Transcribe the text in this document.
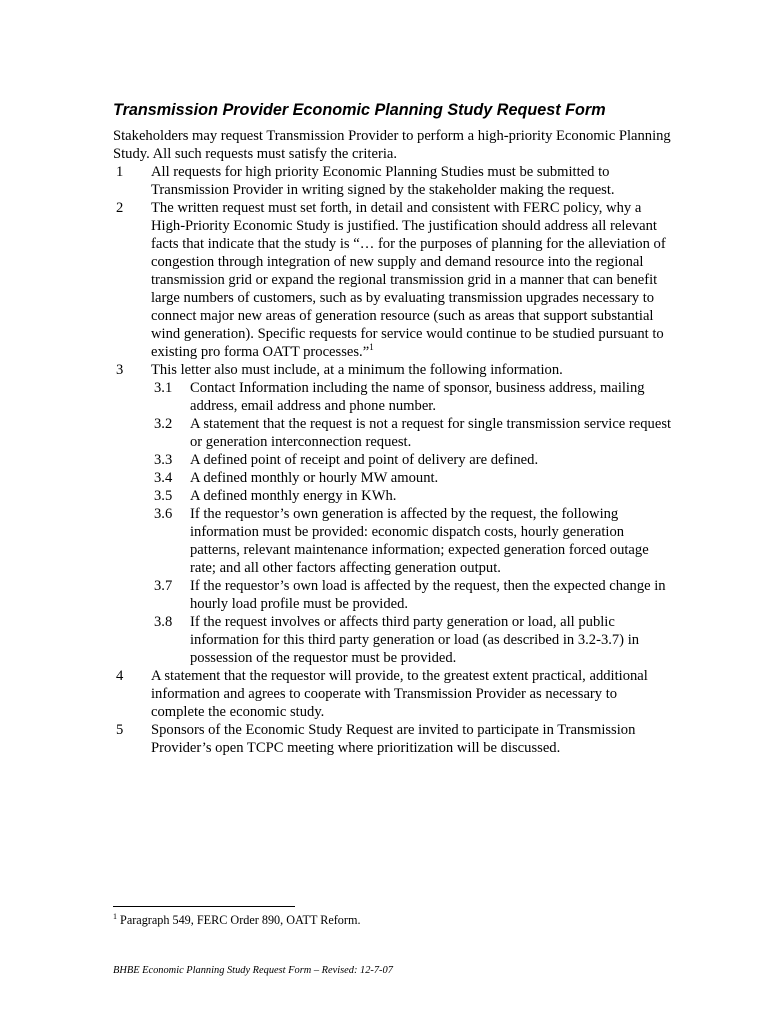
Transmission Provider Economic Planning Study Request Form

Stakeholders may request Transmission Provider to perform a high-priority Economic Planning Study. All such requests must satisfy the criteria.

1 All requests for high priority Economic Planning Studies must be submitted to Transmission Provider in writing signed by the stakeholder making the request.
2 The written request must set forth, in detail and consistent with FERC policy, why a High-Priority Economic Study is justified. The justification should address all relevant facts that indicate that the study is “… for the purposes of planning for the alleviation of congestion through integration of new supply and demand resource into the regional transmission grid or expand the regional transmission grid in a manner that can benefit large numbers of customers, such as by evaluating transmission upgrades necessary to connect major new areas of generation resource (such as areas that support substantial wind generation). Specific requests for service would continue to be studied pursuant to existing pro forma OATT processes.”$^1$
3 This letter also must include, at a minimum the following information.
3.1 Contact Information including the name of sponsor, business address, mailing address, email address and phone number.
3.2 A statement that the request is not a request for single transmission service request or generation interconnection request.
3.3 A defined point of receipt and point of delivery are defined.
3.4 A defined monthly or hourly MW amount.
3.5 A defined monthly energy in KWh.
3.6 If the requestor’s own generation is affected by the request, the following information must be provided: economic dispatch costs, hourly generation patterns, relevant maintenance information; expected generation forced outage rate; and all other factors affecting generation output.
3.7 If the requestor’s own load is affected by the request, then the expected change in hourly load profile must be provided.
3.8 If the request involves or affects third party generation or load, all public information for this third party generation or load (as described in 3.2-3.7) in possession of the requestor must be provided.
4 A statement that the requestor will provide, to the greatest extent practical, additional information and agrees to cooperate with Transmission Provider as necessary to complete the economic study.
5 Sponsors of the Economic Study Request are invited to participate in Transmission Provider’s open TCPC meeting where prioritization will be discussed.
$^1$ Paragraph 549, FERC Order 890, OATT Reform.
BHBE Economic Planning Study Request Form – Revised: 12-7-07
